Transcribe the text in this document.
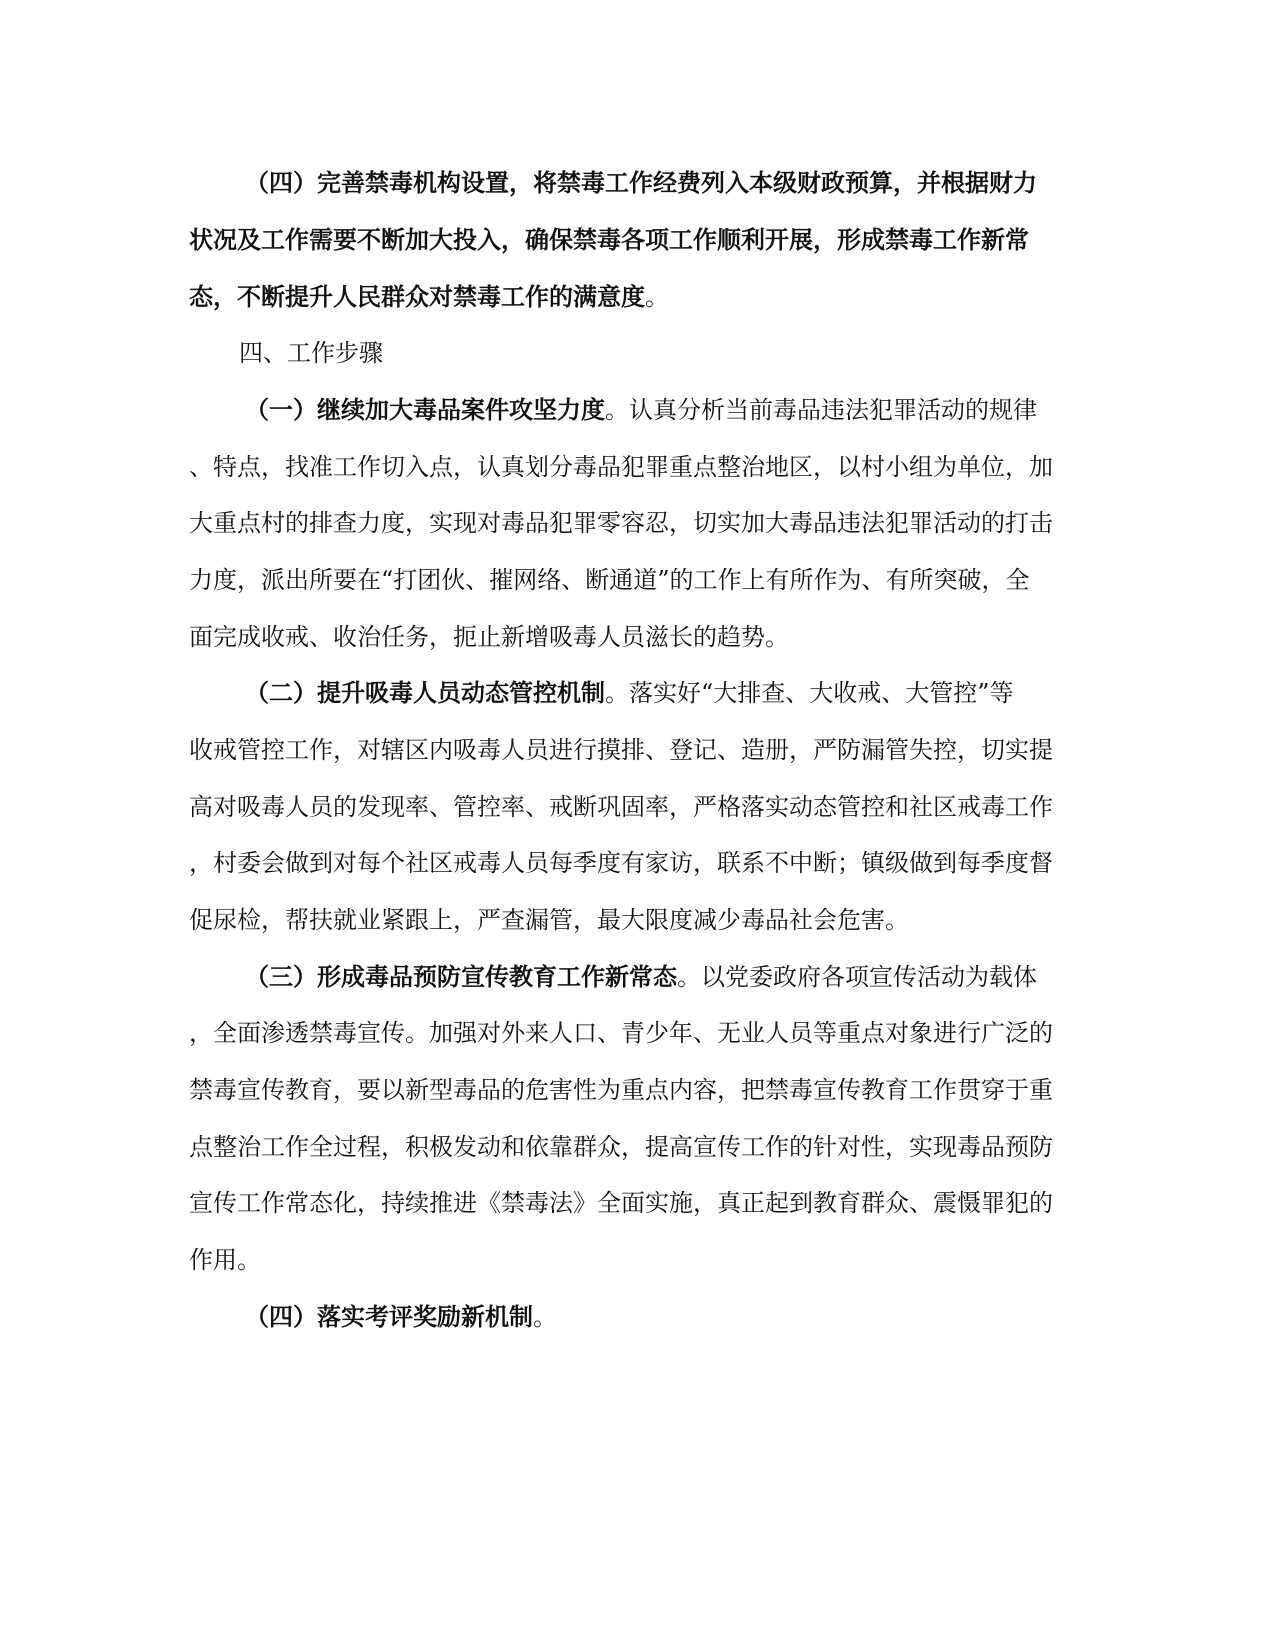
（四）完善禁毒机构设置，将禁毒工作经费列入本级财政预算，并根据财力
状况及工作需要不断加大投入，确保禁毒各项工作顺利开展，形成禁毒工作新常
态，不断提升人民群众对禁毒工作的满意度。
四、工作步骤
（一）继续加大毒品案件攻坚力度。认真分析当前毒品违法犯罪活动的规律
、特点，找准工作切入点，认真划分毒品犯罪重点整治地区，以村小组为单位，加
大重点村的排查力度，实现对毒品犯罪零容忍，切实加大毒品违法犯罪活动的打击
力度，派出所要在“打团伙、摧网络、断通道”的工作上有所作为、有所突破，全
面完成收戒、收治任务，扼止新增吸毒人员滋长的趋势。
（二）提升吸毒人员动态管控机制。落实好“大排查、大收戒、大管控”等
收戒管控工作，对辖区内吸毒人员进行摸排、登记、造册，严防漏管失控，切实提
高对吸毒人员的发现率、管控率、戒断巩固率，严格落实动态管控和社区戒毒工作
，村委会做到对每个社区戒毒人员每季度有家访，联系不中断；镇级做到每季度督
促尿检，帮扶就业紧跟上，严查漏管，最大限度减少毒品社会危害。
（三）形成毒品预防宣传教育工作新常态。以党委政府各项宣传活动为载体
，全面渗透禁毒宣传。加强对外来人口、青少年、无业人员等重点对象进行广泛的
禁毒宣传教育，要以新型毒品的危害性为重点内容，把禁毒宣传教育工作贯穿于重
点整治工作全过程，积极发动和依靠群众，提高宣传工作的针对性，实现毒品预防
宣传工作常态化，持续推进《禁毒法》全面实施，真正起到教育群众、震慑罪犯的
作用。
（四）落实考评奖励新机制。
